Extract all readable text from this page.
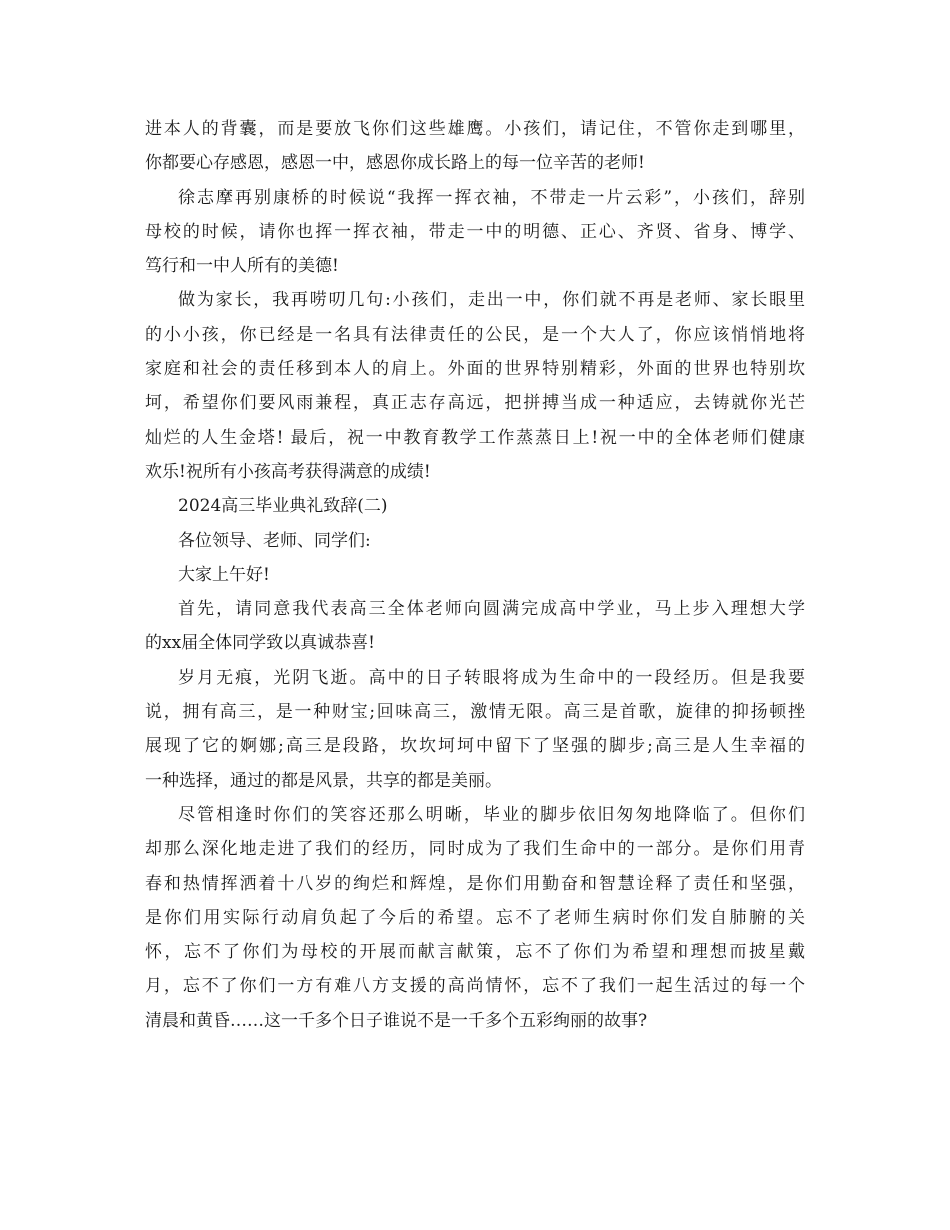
进本人的背囊，而是要放飞你们这些雄鹰。小孩们，请记住，不管你走到哪里，
你都要心存感恩，感恩一中，感恩你成长路上的每一位辛苦的老师!
徐志摩再别康桥的时候说“我挥一挥衣袖，不带走一片云彩”，小孩们，辞别
母校的时候，请你也挥一挥衣袖，带走一中的明德、正心、齐贤、省身、博学、
笃行和一中人所有的美德!
做为家长，我再唠叨几句:小孩们，走出一中，你们就不再是老师、家长眼里
的小小孩，你已经是一名具有法律责任的公民，是一个大人了，你应该悄悄地将
家庭和社会的责任移到本人的肩上。外面的世界特别精彩，外面的世界也特别坎
坷，希望你们要风雨兼程，真正志存高远，把拼搏当成一种适应，去铸就你光芒
灿烂的人生金塔! 最后，祝一中教育教学工作蒸蒸日上!祝一中的全体老师们健康
欢乐!祝所有小孩高考获得满意的成绩!
2024高三毕业典礼致辞(二)
各位领导、老师、同学们:
大家上午好!
首先，请同意我代表高三全体老师向圆满完成高中学业，马上步入理想大学
的xx届全体同学致以真诚恭喜!
岁月无痕，光阴飞逝。高中的日子转眼将成为生命中的一段经历。但是我要
说，拥有高三，是一种财宝;回味高三，激情无限。高三是首歌，旋律的抑扬顿挫
展现了它的婀娜;高三是段路，坎坎坷坷中留下了坚强的脚步;高三是人生幸福的
一种选择，通过的都是风景，共享的都是美丽。
尽管相逢时你们的笑容还那么明晰，毕业的脚步依旧匆匆地降临了。但你们
却那么深化地走进了我们的经历，同时成为了我们生命中的一部分。是你们用青
春和热情挥洒着十八岁的绚烂和辉煌，是你们用勤奋和智慧诠释了责任和坚强，
是你们用实际行动肩负起了今后的希望。忘不了老师生病时你们发自肺腑的关
怀，忘不了你们为母校的开展而献言献策，忘不了你们为希望和理想而披星戴
月，忘不了你们一方有难八方支援的高尚情怀，忘不了我们一起生活过的每一个
清晨和黄昏……这一千多个日子谁说不是一千多个五彩绚丽的故事?
